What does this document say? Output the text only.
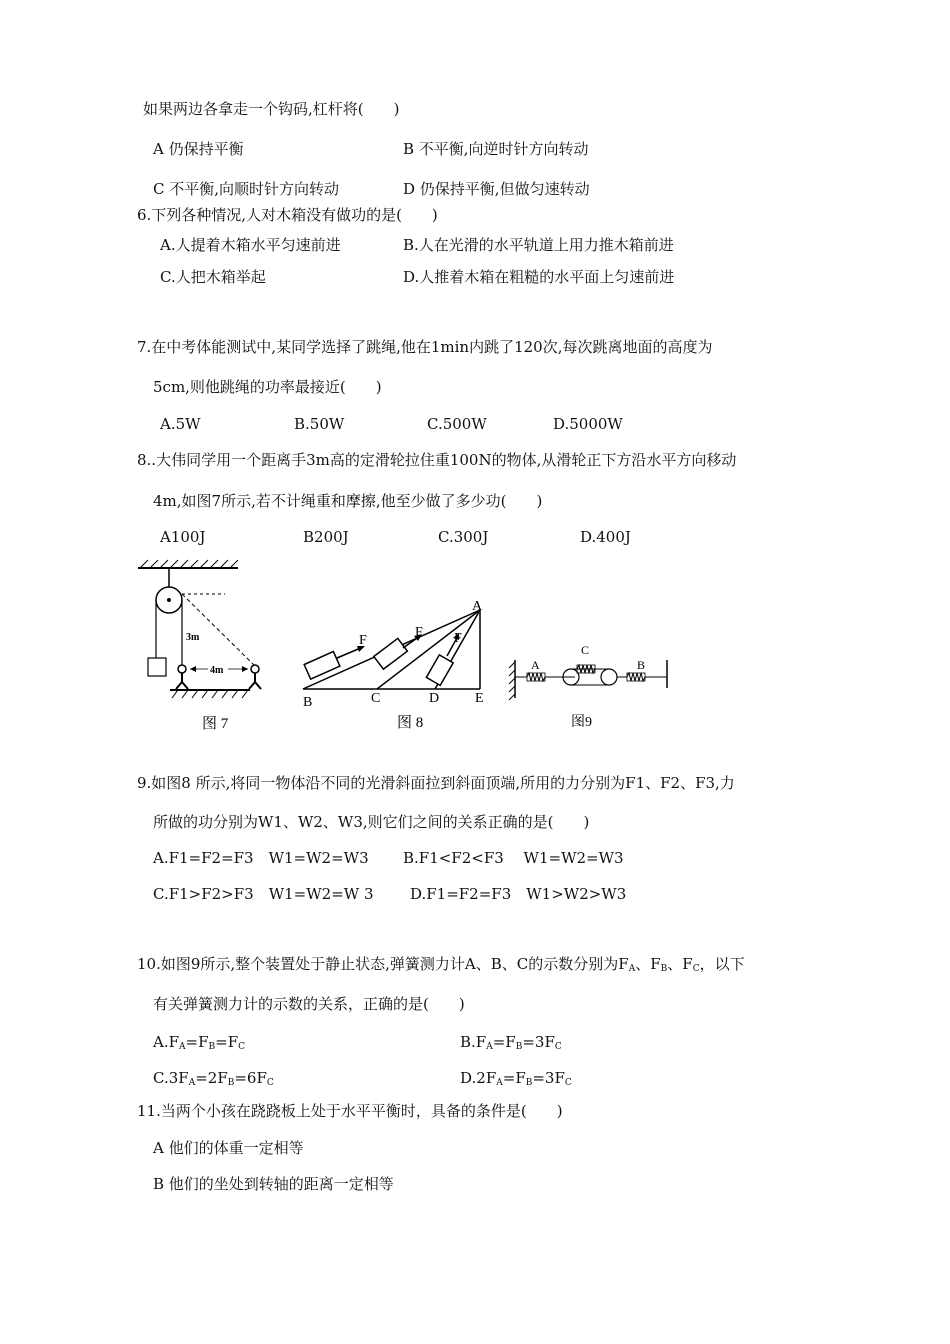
如果两边各拿走一个钩码,杠杆将(　　)
A 仍保持平衡	B 不平衡,向逆时针方向转动
C 不平衡,向顺时针方向转动	D 仍保持平衡,但做匀速转动
6.下列各种情况,人对木箱没有做功的是(　　)
A.人提着木箱水平匀速前进	B.人在光滑的水平轨道上用力推木箱前进
C.人把木箱举起	D.人推着木箱在粗糙的水平面上匀速前进
7.在中考体能测试中,某同学选择了跳绳,他在1min内跳了120次,每次跳离地面的高度为
5cm,则他跳绳的功率最接近(　　)
A.5W	B.50W	C.500W	D.5000W
8..大伟同学用一个距离手3m高的定滑轮拉住重100N的物体,从滑轮正下方沿水平方向移动
4m,如图7所示,若不计绳重和摩擦,他至少做了多少功(　　)
A100J	B200J	C.300J	D.400J
3m
4m
图 7
F
F F
A
B	C	D	E
图 8
A
C
B
图9
9.如图8 所示,将同一物体沿不同的光滑斜面拉到斜面顶端,所用的力分别为F1、F2、F3,力
所做的功分别为W1、W2、W3,则它们之间的关系正确的是(　　)
A.F1=F2=F3　W1=W2=W3 B.F1<F2<F3　 W1=W2=W3
C.F1>F2>F3　W1=W2=W 3 D.F1=F2=F3　W1>W2>W3
10.如图9所示,整个装置处于静止状态,弹簧测力计A、B、C的示数分别为$F_A$、$F_B$、$F_C$，以下
有关弹簧测力计的示数的关系，正确的是(　　)
$A.F_A=F_B=F_C$	$B.F_A=F_B=3F_C$
$C.3F_A=2F_B=6F_C$	$D.2F_A=F_B=3F_C$
11.当两个小孩在跷跷板上处于水平平衡时，具备的条件是(　　)
A 他们的体重一定相等
B 他们的坐处到转轴的距离一定相等
